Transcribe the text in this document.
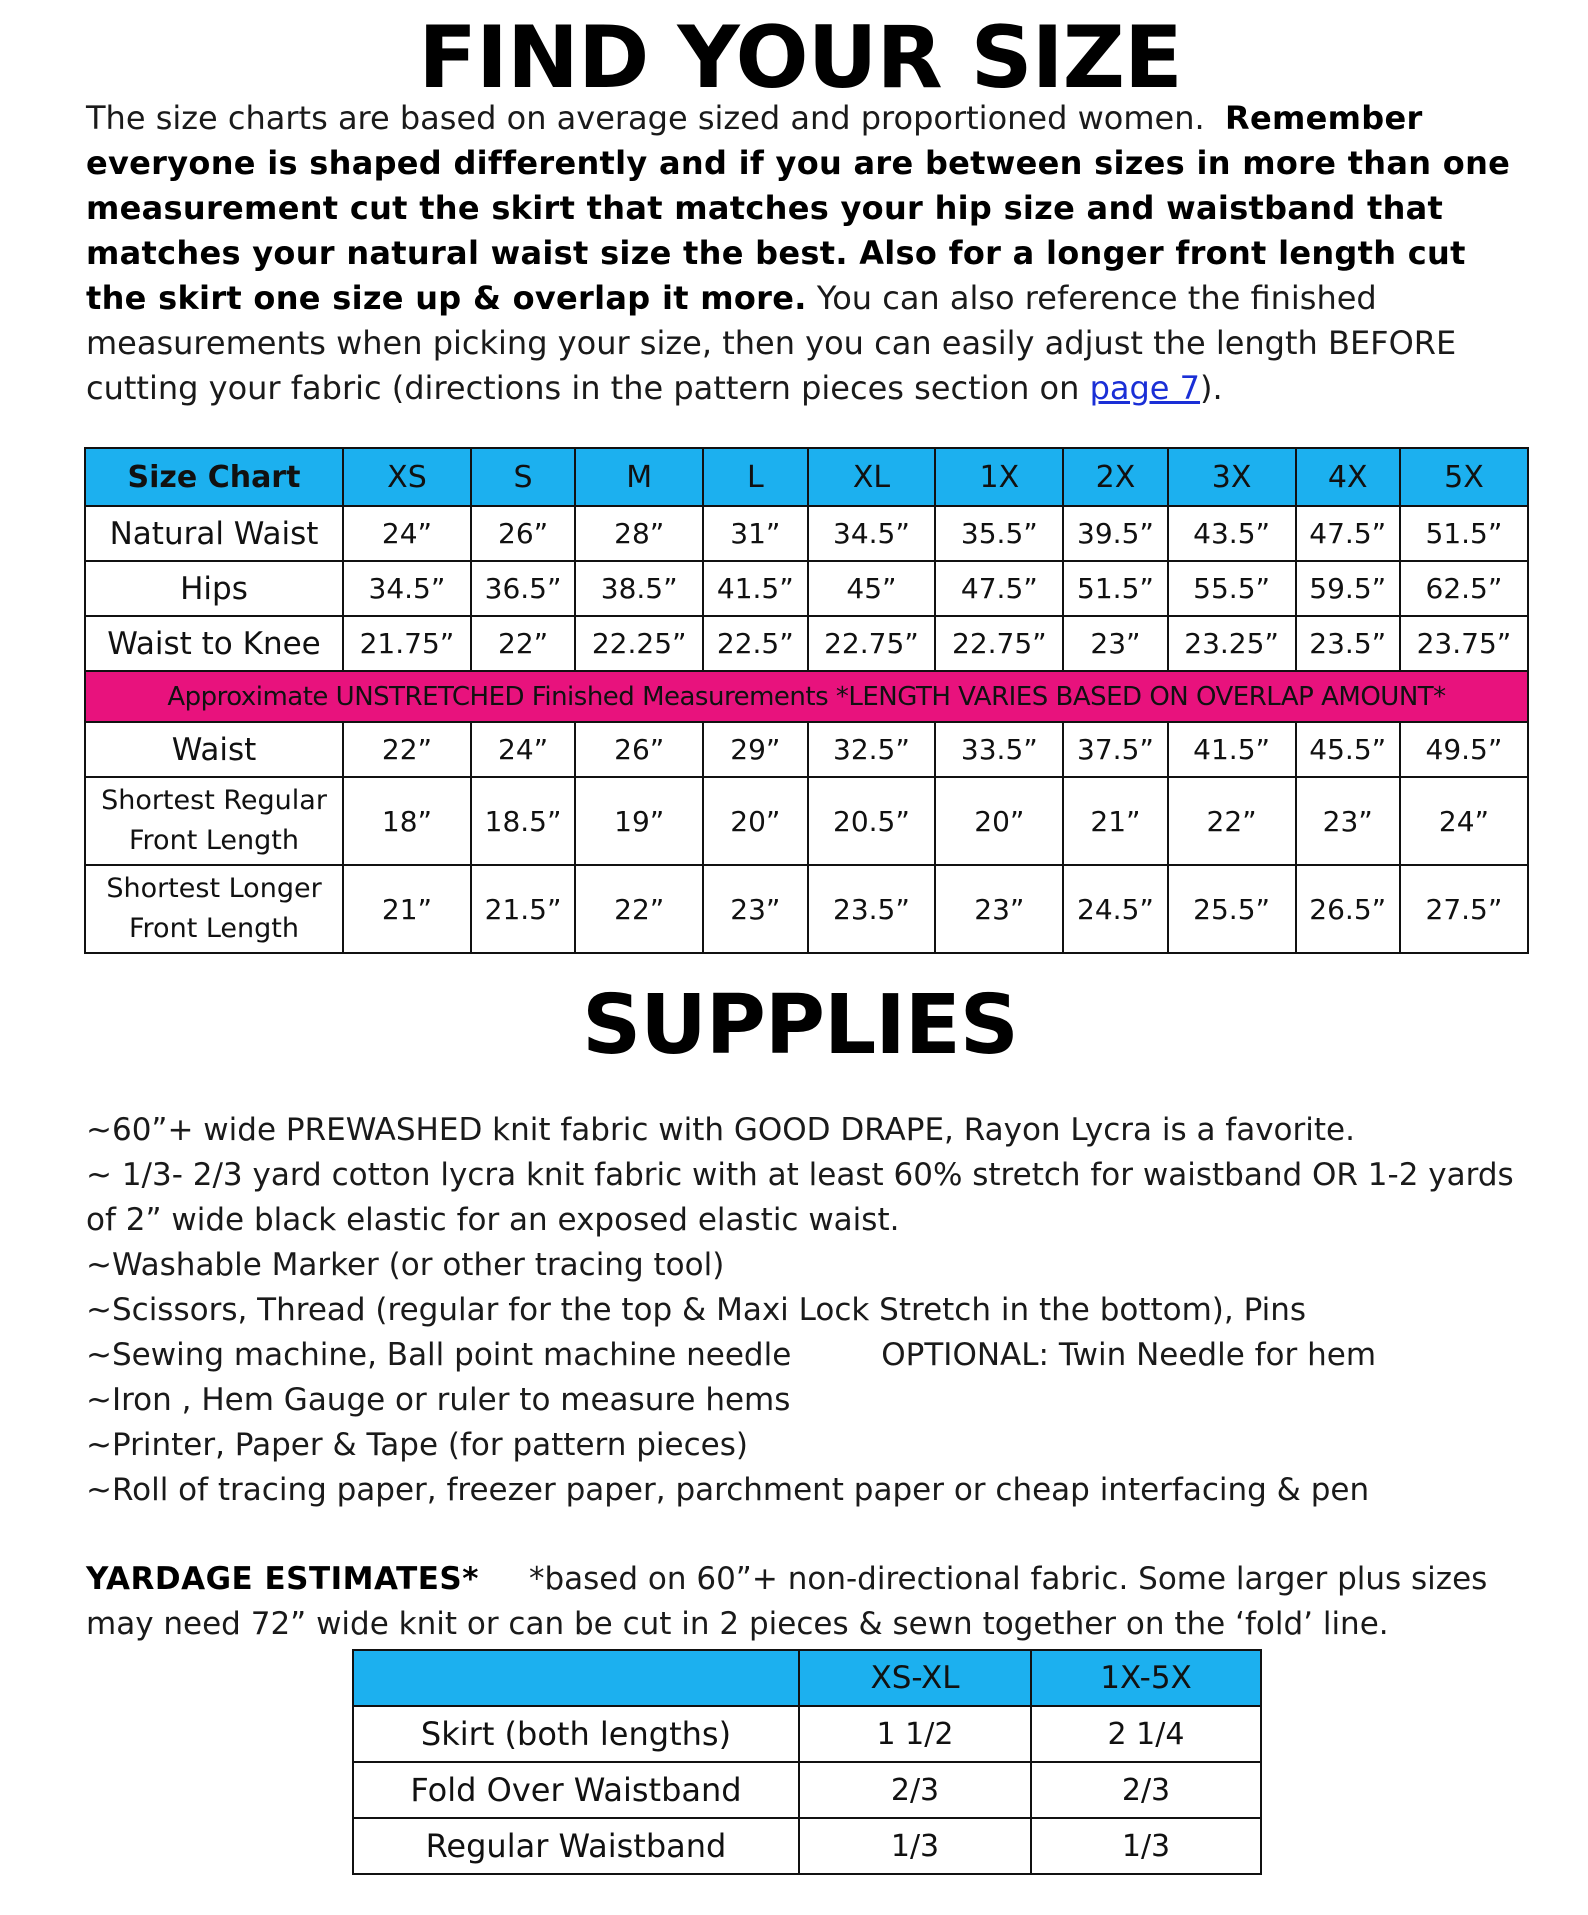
FIND YOUR SIZE
The size charts are based on average sized and proportioned women. Remember everyone is shaped differently and if you are between sizes in more than one measurement cut the skirt that matches your hip size and waistband that matches your natural waist size the best. Also for a longer front length cut the skirt one size up & overlap it more. You can also reference the finished measurements when picking your size, then you can easily adjust the length BEFORE cutting your fabric (directions in the pattern pieces section on page 7).
Size Chart	XS	S	M	L	XL	1X	2X	3X	4X	5X
Natural Waist	24”	26”	28”	31”	34.5”	35.5”	39.5”	43.5”	47.5”	51.5”
Hips	34.5”	36.5”	38.5”	41.5”	45”	47.5”	51.5”	55.5”	59.5”	62.5”
Waist to Knee	21.75”	22”	22.25”	22.5”	22.75”	22.75”	23”	23.25”	23.5”	23.75”
Approximate UNSTRETCHED Finished Measurements *LENGTH VARIES BASED ON OVERLAP AMOUNT*										
Waist	22”	24”	26”	29”	32.5”	33.5”	37.5”	41.5”	45.5”	49.5”
Shortest Regular
Front Length	18”	18.5”	19”	20”	20.5”	20”	21”	22”	23”	24”
Shortest Longer
Front Length	21”	21.5”	22”	23”	23.5”	23”	24.5”	25.5”	26.5”	27.5”
SUPPLIES

~60”+ wide PREWASHED knit fabric with GOOD DRAPE, Rayon Lycra is a favorite.

~ 1/3- 2/3 yard cotton lycra knit fabric with at least 60% stretch for waistband OR 1-2 yards of 2” wide black elastic for an exposed elastic waist.

~Washable Marker (or other tracing tool)

~Scissors, Thread (regular for the top & Maxi Lock Stretch in the bottom), Pins

~Sewing machine, Ball point machine needle	OPTIONAL: Twin Needle for hem

~Iron , Hem Gauge or ruler to measure hems

~Printer, Paper & Tape (for pattern pieces)

~Roll of tracing paper, freezer paper, parchment paper or cheap interfacing & pen

YARDAGE ESTIMATES* *based on 60”+ non-directional fabric. Some larger plus sizes may need 72” wide knit or can be cut in 2 pieces & sewn together on the ‘fold’ line.
	XS-XL	1X-5X
Skirt (both lengths)	1 1/2	2 1/4
Fold Over Waistband	2/3	2/3
Regular Waistband	1/3	1/3
